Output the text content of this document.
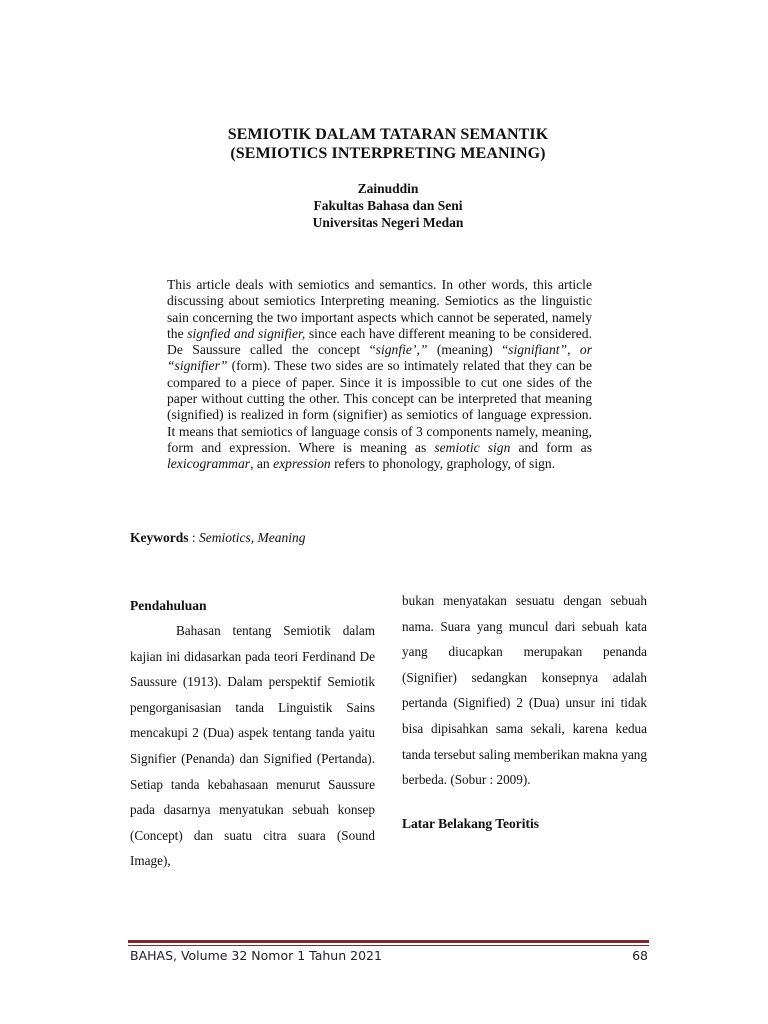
SEMIOTIK DALAM TATARAN SEMANTIK
(SEMIOTICS INTERPRETING MEANING)
Zainuddin
Fakultas Bahasa dan Seni
Universitas Negeri Medan
This article deals with semiotics and semantics. In other words, this article discussing about semiotics Interpreting meaning. Semiotics as the linguistic sain concerning the two important aspects which cannot be seperated, namely the signfied and signifier, since each have different meaning to be considered. De Saussure called the concept “signfie’,” (meaning) “signifiant”, or “signifier” (form). These two sides are so intimately related that they can be compared to a piece of paper. Since it is impossible to cut one sides of the paper without cutting the other. This concept can be interpreted that meaning (signified) is realized in form (signifier) as semiotics of language expression. It means that semiotics of language consis of 3 components namely, meaning, form and expression. Where is meaning as semiotic sign and form as lexicogrammar, an expression refers to phonology, graphology, of sign.
Keywords : Semiotics, Meaning
Pendahuluan
Bahasan tentang Semiotik dalam kajian ini didasarkan pada teori Ferdinand De Saussure (1913). Dalam perspektif Semiotik pengorganisasian tanda Linguistik Sains mencakupi 2 (Dua) aspek tentang tanda yaitu Signifier (Penanda) dan Signified (Pertanda). Setiap tanda kebahasaan menurut Saussure pada dasarnya menyatukan sebuah konsep (Concept) dan suatu citra suara (Sound Image),
bukan menyatakan sesuatu dengan sebuah nama. Suara yang muncul dari sebuah kata yang diucapkan merupakan penanda (Signifier) sedangkan konsepnya adalah pertanda (Signified) 2 (Dua) unsur ini tidak bisa dipisahkan sama sekali, karena kedua tanda tersebut saling memberikan makna yang berbeda. (Sobur : 2009).
Latar Belakang Teoritis
BAHAS, Volume 32 Nomor 1 Tahun 2021	68
